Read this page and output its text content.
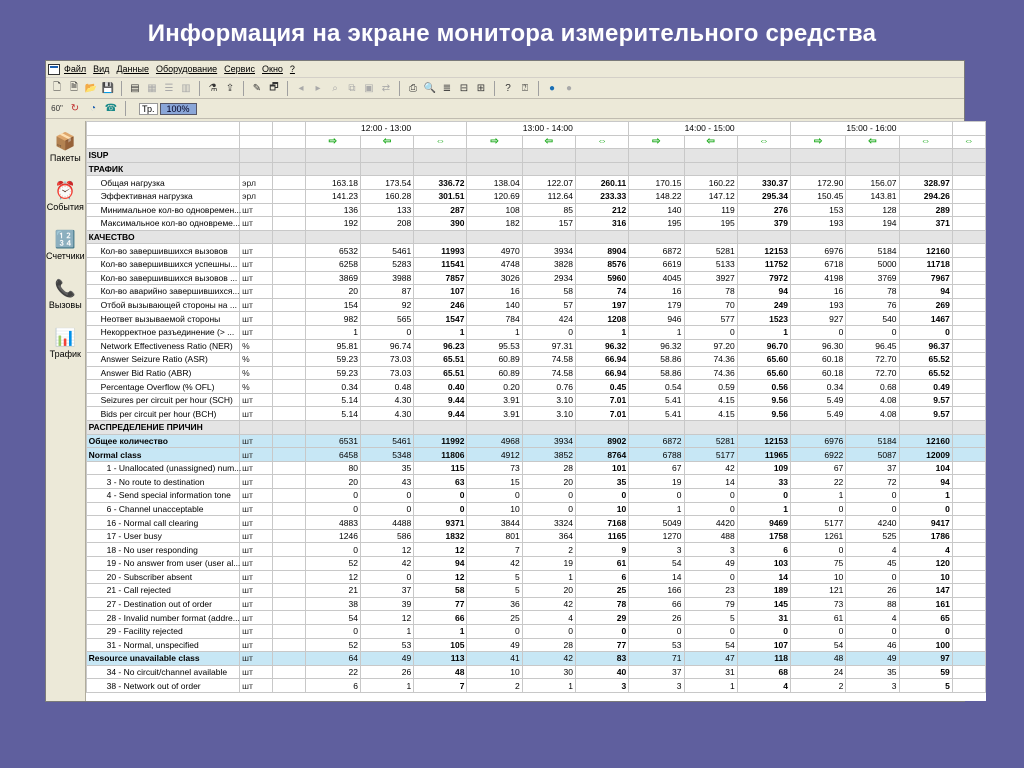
Информация на экране монитора измерительного средства
Файл Вид Данные Оборудование Сервис Окно ?
🗋 🗎 📂 💾 ▤ ▦ ☰ ▥ ⚗ ⇪ ✎ 🗗	◂	▸	⌕	⧉ ▣ ⇄	⎙ 🔍 ≣ ⊟ ⊞	?	⍰	●	●
60" ↻	◔ ☎	Тр.	100%
📦
Пакеты
⏰
События
🔢
Счетчики
📞
Вызовы
📊
Трафик
			12:00 - 13:00			13:00 - 14:00			14:00 - 15:00			15:00 - 16:00			
			⇨	⇦	⇔	⇨	⇦	⇔	⇨	⇦	⇔	⇨	⇦	⇔	⇔
ISUP															
ТРАФИК															
Общая нагрузка	эрл		163.18	173.54	336.72	138.04	122.07	260.11	170.15	160.22	330.37	172.90	156.07	328.97	
Эффективная нагрузка	эрл		141.23	160.28	301.51	120.69	112.64	233.33	148.22	147.12	295.34	150.45	143.81	294.26	
Минимальное кол-во одновремен...	шт		136	133	287	108	85	212	140	119	276	153	128	289	
Максимальное кол-во одновреме...	шт		192	208	390	182	157	316	195	195	379	193	194	371	
КАЧЕСТВО															
Кол-во завершившихся вызовов	шт		6532	5461	11993	4970	3934	8904	6872	5281	12153	6976	5184	12160	
Кол-во завершившихся успешны...	шт		6258	5283	11541	4748	3828	8576	6619	5133	11752	6718	5000	11718	
Кол-во завершившихся вызовов ...	шт		3869	3988	7857	3026	2934	5960	4045	3927	7972	4198	3769	7967	
Кол-во аварийно завершившихся...	шт		20	87	107	16	58	74	16	78	94	16	78	94	
Отбой вызывающей стороны на ...	шт		154	92	246	140	57	197	179	70	249	193	76	269	
Неответ вызываемой стороны	шт		982	565	1547	784	424	1208	946	577	1523	927	540	1467	
Некорректное разъединение (> ...	шт		1	0	1	1	0	1	1	0	1	0	0	0	
Network Effectiveness Ratio (NER)	%		95.81	96.74	96.23	95.53	97.31	96.32	96.32	97.20	96.70	96.30	96.45	96.37	
Answer Seizure Ratio (ASR)	%		59.23	73.03	65.51	60.89	74.58	66.94	58.86	74.36	65.60	60.18	72.70	65.52	
Answer Bid Ratio (ABR)	%		59.23	73.03	65.51	60.89	74.58	66.94	58.86	74.36	65.60	60.18	72.70	65.52	
Percentage Overflow (% OFL)	%		0.34	0.48	0.40	0.20	0.76	0.45	0.54	0.59	0.56	0.34	0.68	0.49	
Seizures per circuit per hour (SCH)	шт		5.14	4.30	9.44	3.91	3.10	7.01	5.41	4.15	9.56	5.49	4.08	9.57	
Bids per circuit per hour (BCH)	шт		5.14	4.30	9.44	3.91	3.10	7.01	5.41	4.15	9.56	5.49	4.08	9.57	
РАСПРЕДЕЛЕНИЕ ПРИЧИН															
Общее количество	шт		6531	5461	11992	4968	3934	8902	6872	5281	12153	6976	5184	12160	
Normal class	шт		6458	5348	11806	4912	3852	8764	6788	5177	11965	6922	5087	12009	
1 - Unallocated (unassigned) num...	шт		80	35	115	73	28	101	67	42	109	67	37	104	
3 - No route to destination	шт		20	43	63	15	20	35	19	14	33	22	72	94	
4 - Send special information tone	шт		0	0	0	0	0	0	0	0	0	1	0	1	
6 - Channel unacceptable	шт		0	0	0	10	0	10	1	0	1	0	0	0	
16 - Normal call clearing	шт		4883	4488	9371	3844	3324	7168	5049	4420	9469	5177	4240	9417	
17 - User busy	шт		1246	586	1832	801	364	1165	1270	488	1758	1261	525	1786	
18 - No user responding	шт		0	12	12	7	2	9	3	3	6	0	4	4	
19 - No answer from user (user al...	шт		52	42	94	42	19	61	54	49	103	75	45	120	
20 - Subscriber absent	шт		12	0	12	5	1	6	14	0	14	10	0	10	
21 - Call rejected	шт		21	37	58	5	20	25	166	23	189	121	26	147	
27 - Destination out of order	шт		38	39	77	36	42	78	66	79	145	73	88	161	
28 - Invalid number format (addre...	шт		54	12	66	25	4	29	26	5	31	61	4	65	
29 - Facility rejected	шт		0	1	1	0	0	0	0	0	0	0	0	0	
31 - Normal, unspecified	шт		52	53	105	49	28	77	53	54	107	54	46	100	
Resource unavailable class	шт		64	49	113	41	42	83	71	47	118	48	49	97	
34 - No circuit/channel available	шт		22	26	48	10	30	40	37	31	68	24	35	59	
38 - Network out of order	шт		6	1	7	2	1	3	3	1	4	2	3	5	
